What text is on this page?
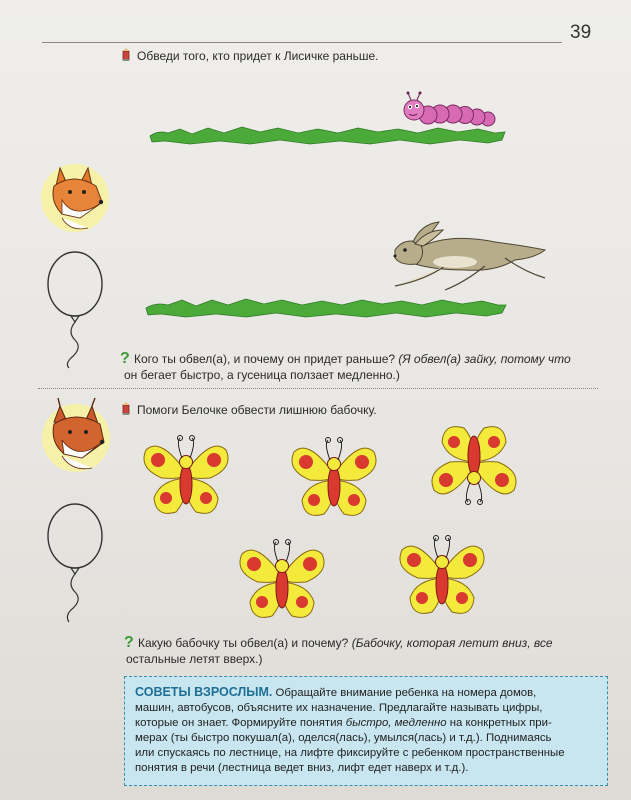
39
Обведи того, кто придет к Лисичке раньше.
? Кого ты обвел(а), и почему он придет раньше? (Я обвел(а) зайку, потому что
он бегает быстро, а гусеница ползает медленно.)
Помоги Белочке обвести лишнюю бабочку.
? Какую бабочку ты обвел(а) и почему? (Бабочку, которая летит вниз, все
остальные летят вверх.)
СОВЕТЫ ВЗРОСЛЫМ. Обращайте внимание ребенка на номера домов,
машин, автобусов, объясните их назначение. Предлагайте называть цифры,
которые он знает. Формируйте понятия быстро, медленно на конкретных при-
мерах (ты быстро покушал(а), оделся(лась), умылся(лась) и т.д.). Поднимаясь
или спускаясь по лестнице, на лифте фиксируйте с ребенком пространственные
понятия в речи (лестница ведет вниз, лифт едет наверх и т.д.).
